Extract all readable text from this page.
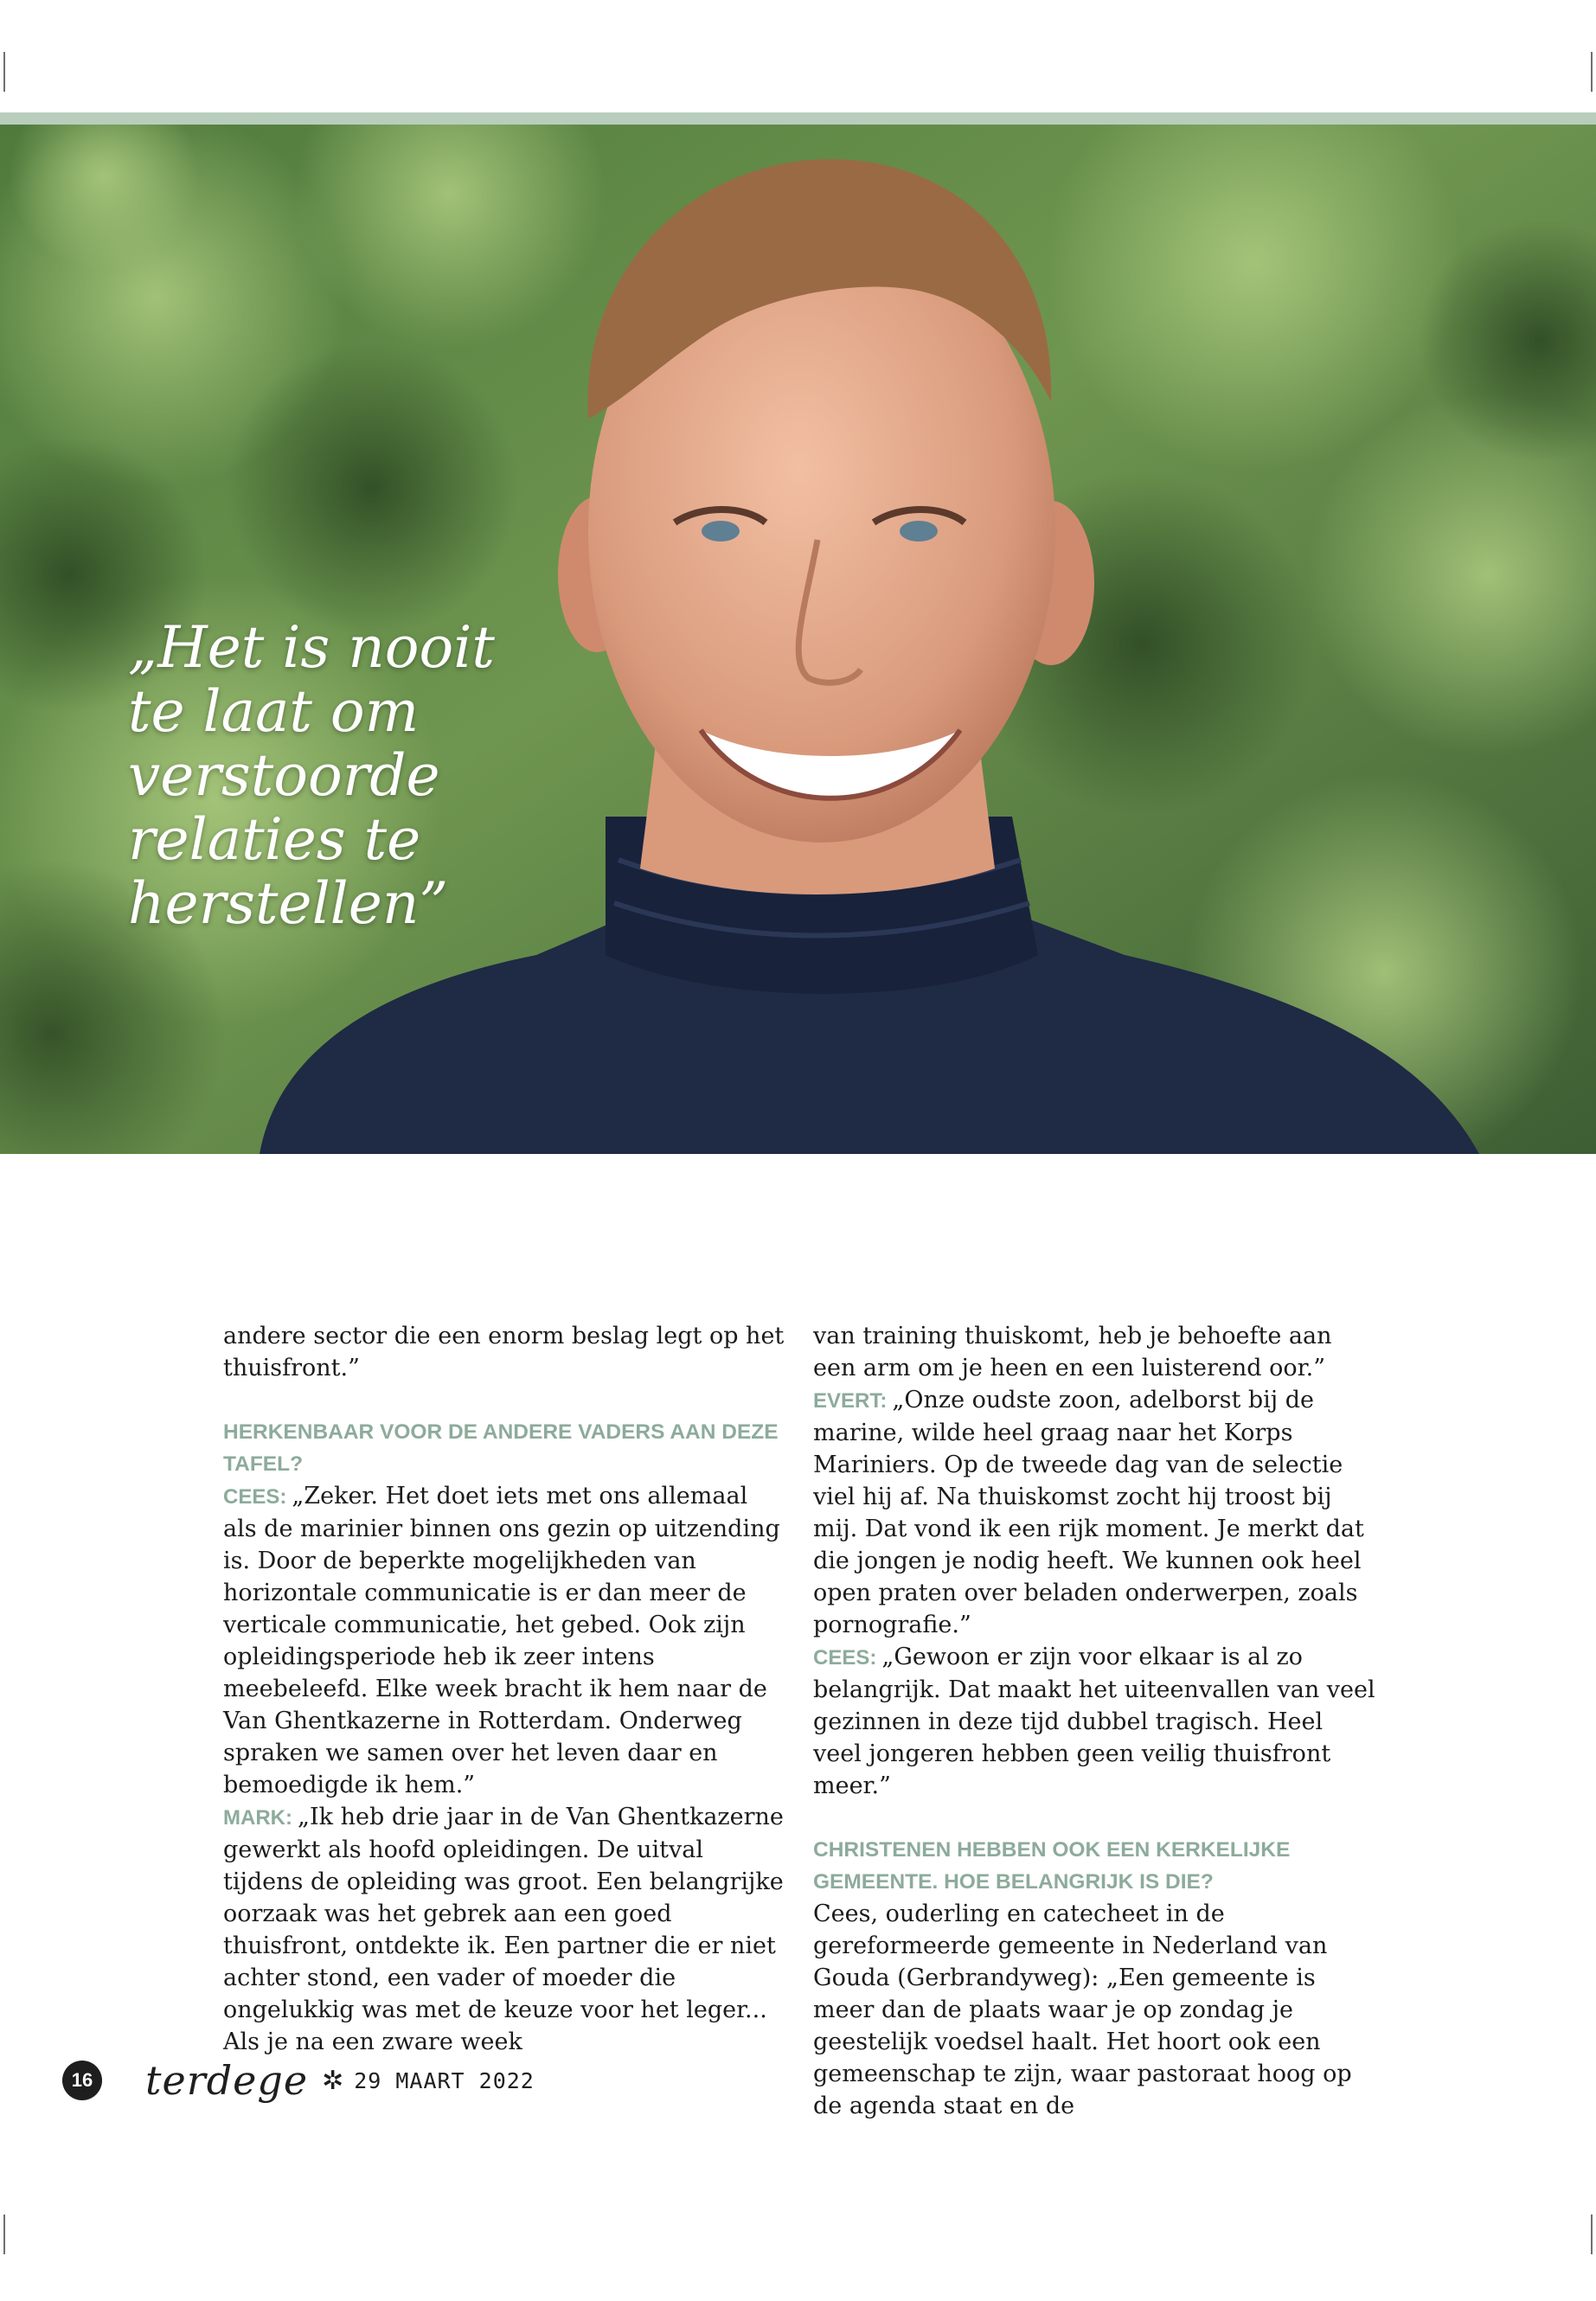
„Het is nooit
te laat om
verstoorde
relaties te
herstellen”

andere sector die een enorm beslag legt op het thuisfront.”

HERKENBAAR VOOR DE ANDERE VADERS AAN DEZE TAFEL?

CEES: „Zeker. Het doet iets met ons allemaal als de marinier binnen ons gezin op uitzending is. Door de beperkte mogelijkheden van horizontale communicatie is er dan meer de verticale communicatie, het gebed. Ook zijn opleidingsperiode heb ik zeer intens meebeleefd. Elke week bracht ik hem naar de Van Ghentkazerne in Rotterdam. Onderweg spraken we samen over het leven daar en bemoedigde ik hem.”

MARK: „Ik heb drie jaar in de Van Ghentkazerne gewerkt als hoofd opleidingen. De uitval tijdens de opleiding was groot. Een belangrijke oorzaak was het gebrek aan een goed thuisfront, ontdekte ik. Een partner die er niet achter stond, een vader of moeder die ongelukkig was met de keuze voor het leger... Als je na een zware week

van training thuiskomt, heb je behoefte aan een arm om je heen en een luisterend oor.”

EVERT: „Onze oudste zoon, adelborst bij de marine, wilde heel graag naar het Korps Mariniers. Op de tweede dag van de selectie viel hij af. Na thuiskomst zocht hij troost bij mij. Dat vond ik een rijk moment. Je merkt dat die jongen je nodig heeft. We kunnen ook heel open praten over beladen onderwerpen, zoals pornografie.”

CEES: „Gewoon er zijn voor elkaar is al zo belangrijk. Dat maakt het uiteenvallen van veel gezinnen in deze tijd dubbel tragisch. Heel veel jongeren hebben geen veilig thuisfront meer.”

CHRISTENEN HEBBEN OOK EEN KERKELIJKE GEMEENTE. HOE BELANGRIJK IS DIE?

Cees, ouderling en catecheet in de gereformeerde gemeente in Nederland van Gouda (Gerbrandyweg): „Een gemeente is meer dan de plaats waar je op zondag je geestelijk voedsel haalt. Het hoort ook een gemeenschap te zijn, waar pastoraat hoog op de agenda staat en de

16 terdege ✲ 29 MAART 2022
